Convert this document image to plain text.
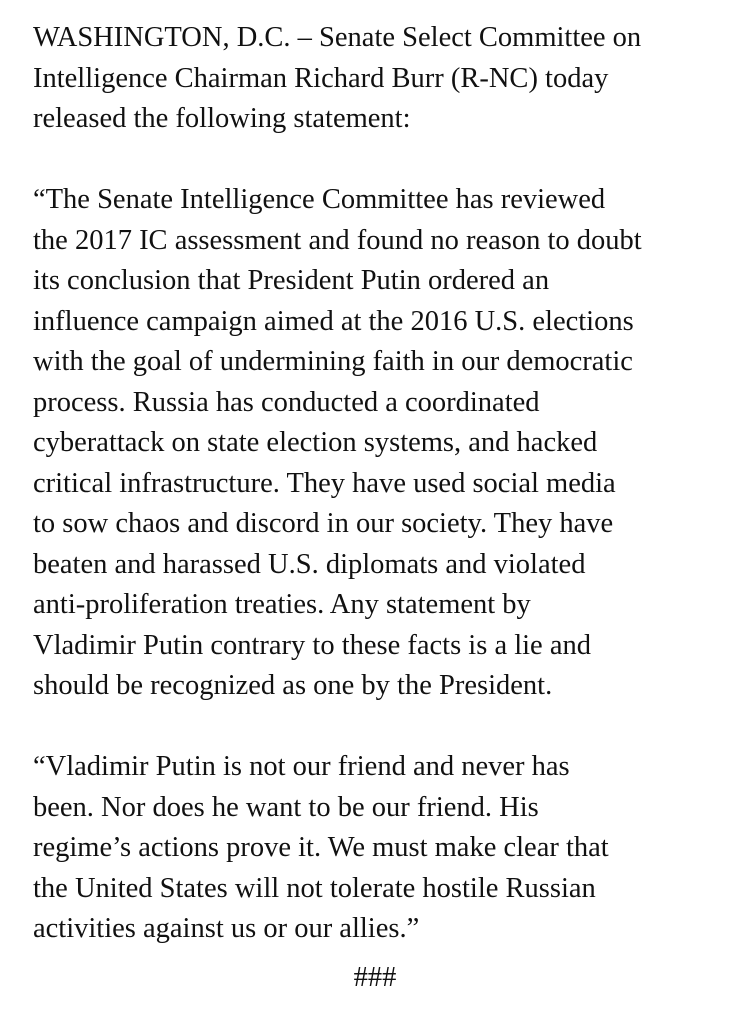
WASHINGTON, D.C. – Senate Select Committee on
Intelligence Chairman Richard Burr (R-NC) today
released the following statement:

“The Senate Intelligence Committee has reviewed
the 2017 IC assessment and found no reason to doubt
its conclusion that President Putin ordered an
influence campaign aimed at the 2016 U.S. elections
with the goal of undermining faith in our democratic
process. Russia has conducted a coordinated
cyberattack on state election systems, and hacked
critical infrastructure. They have used social media
to sow chaos and discord in our society. They have
beaten and harassed U.S. diplomats and violated
anti-proliferation treaties. Any statement by
Vladimir Putin contrary to these facts is a lie and
should be recognized as one by the President.

“Vladimir Putin is not our friend and never has
been. Nor does he want to be our friend. His
regime’s actions prove it. We must make clear that
the United States will not tolerate hostile Russian
activities against us or our allies.”

###
